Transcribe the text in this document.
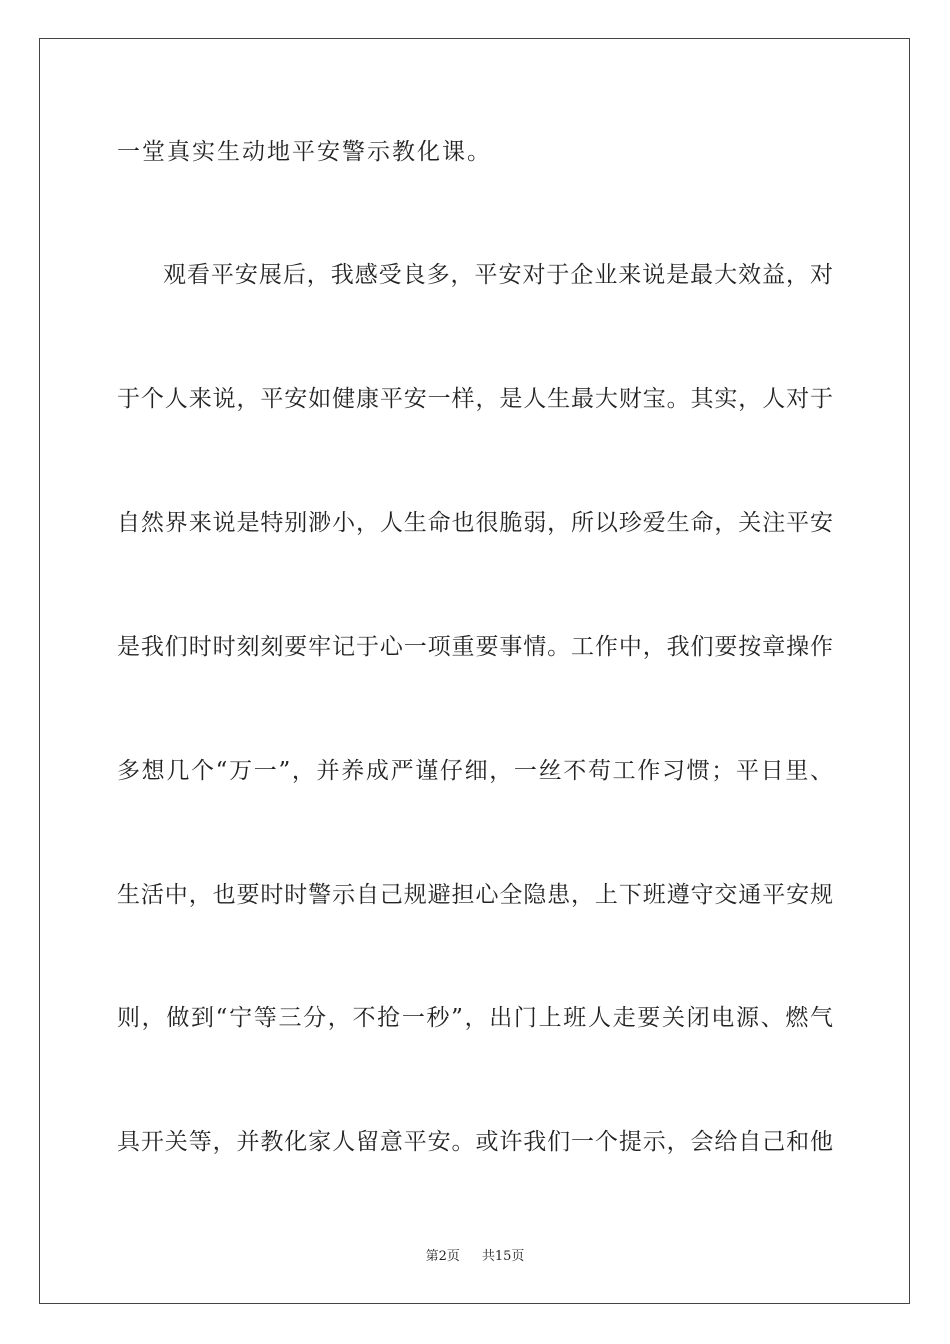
一堂真实生动地平安警示教化课。
观看平安展后，我感受良多，平安对于企业来说是最大效益，对
于个人来说，平安如健康平安一样，是人生最大财宝。其实，人对于
自然界来说是特别渺小，人生命也很脆弱，所以珍爱生命，关注平安
是我们时时刻刻要牢记于心一项重要事情。工作中，我们要按章操作
多想几个“万一”，并养成严谨仔细，一丝不苟工作习惯；平日里、
生活中，也要时时警示自己规避担心全隐患，上下班遵守交通平安规
则，做到“宁等三分，不抢一秒”，出门上班人走要关闭电源、燃气
具开关等，并教化家人留意平安。或许我们一个提示，会给自己和他
第2页 共15页
